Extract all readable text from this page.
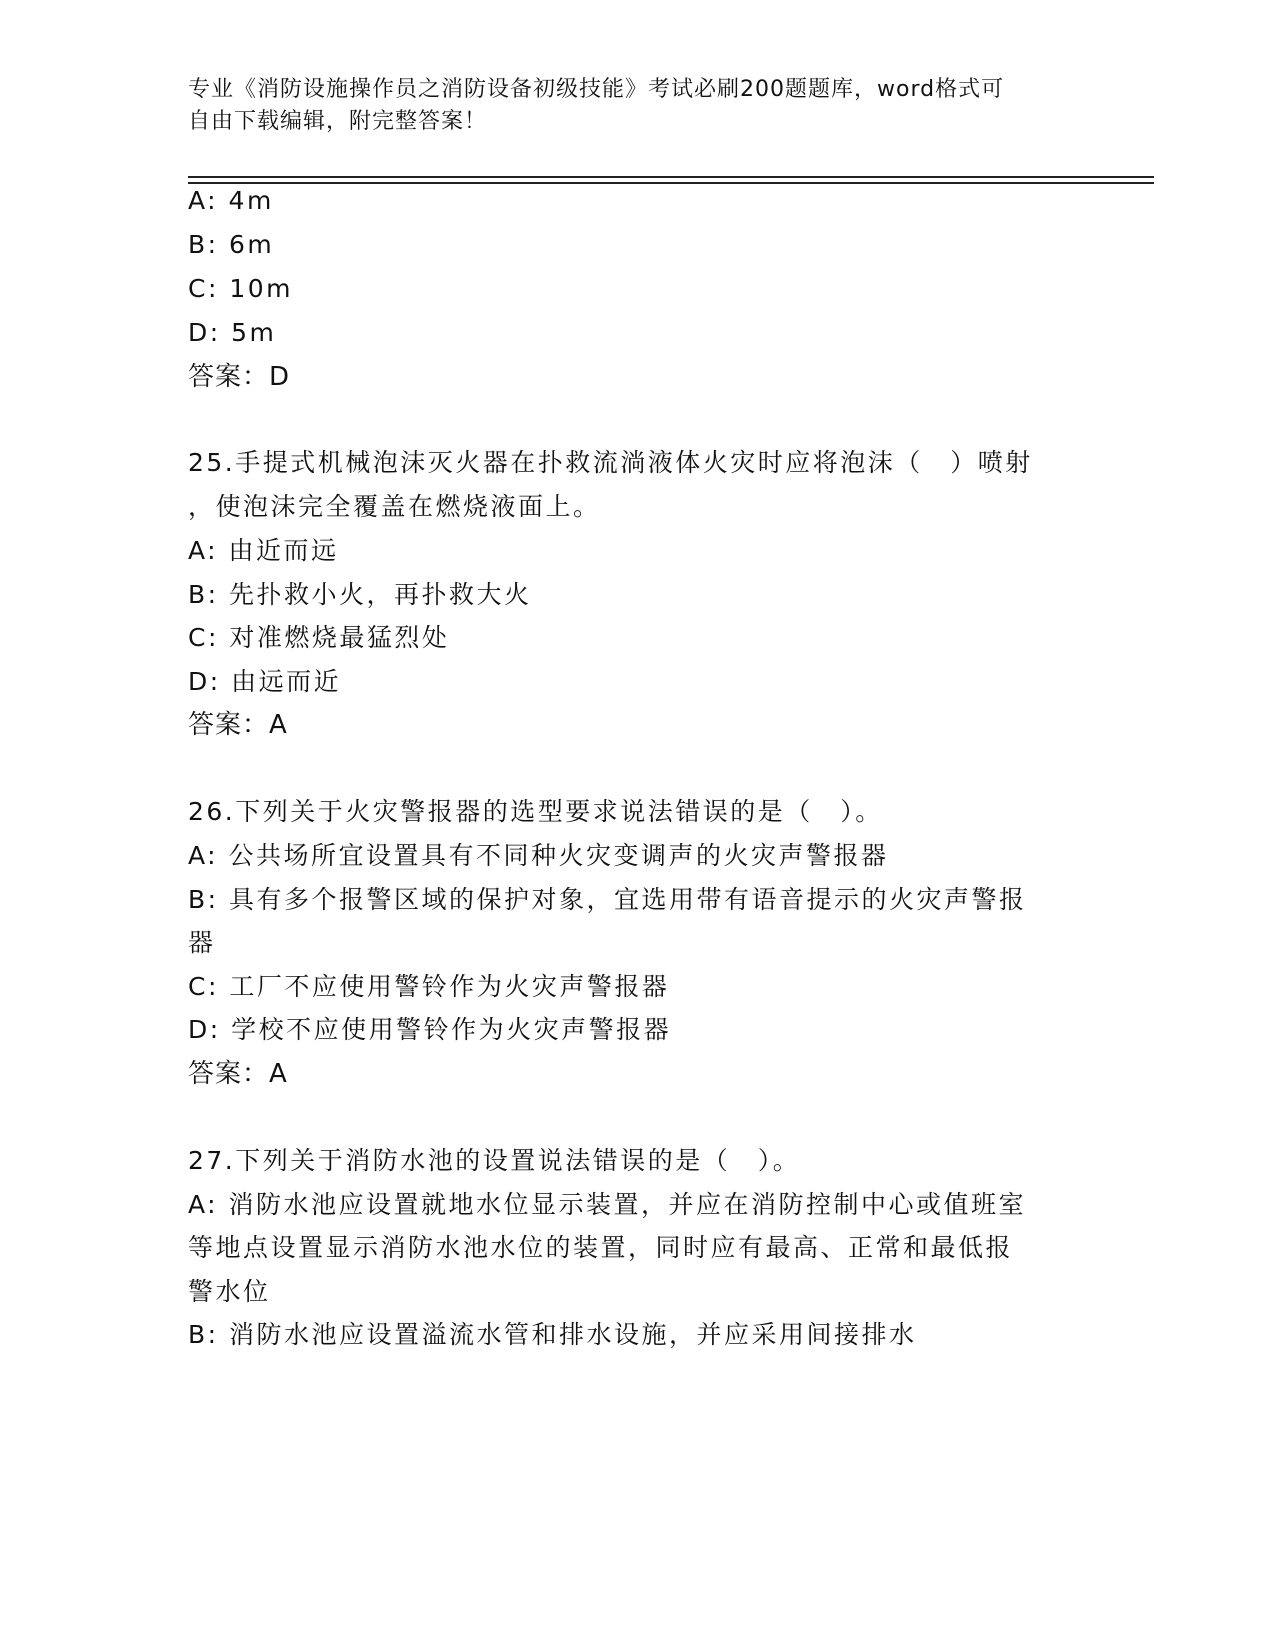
专业《消防设施操作员之消防设备初级技能》考试必刷200题题库，word格式可
自由下载编辑，附完整答案！
A: 4m
B: 6m
C: 10m
D: 5m
答案：D
25.手提式机械泡沫灭火器在扑救流淌液体火灾时应将泡沫（　）喷射
，使泡沫完全覆盖在燃烧液面上。
A: 由近而远
B: 先扑救小火，再扑救大火
C: 对准燃烧最猛烈处
D: 由远而近
答案：A
26.下列关于火灾警报器的选型要求说法错误的是（　）。
A: 公共场所宜设置具有不同种火灾变调声的火灾声警报器
B: 具有多个报警区域的保护对象，宜选用带有语音提示的火灾声警报
器
C: 工厂不应使用警铃作为火灾声警报器
D: 学校不应使用警铃作为火灾声警报器
答案：A
27.下列关于消防水池的设置说法错误的是（　）。
A: 消防水池应设置就地水位显示装置，并应在消防控制中心或值班室
等地点设置显示消防水池水位的装置，同时应有最高、正常和最低报
警水位
B: 消防水池应设置溢流水管和排水设施，并应采用间接排水
